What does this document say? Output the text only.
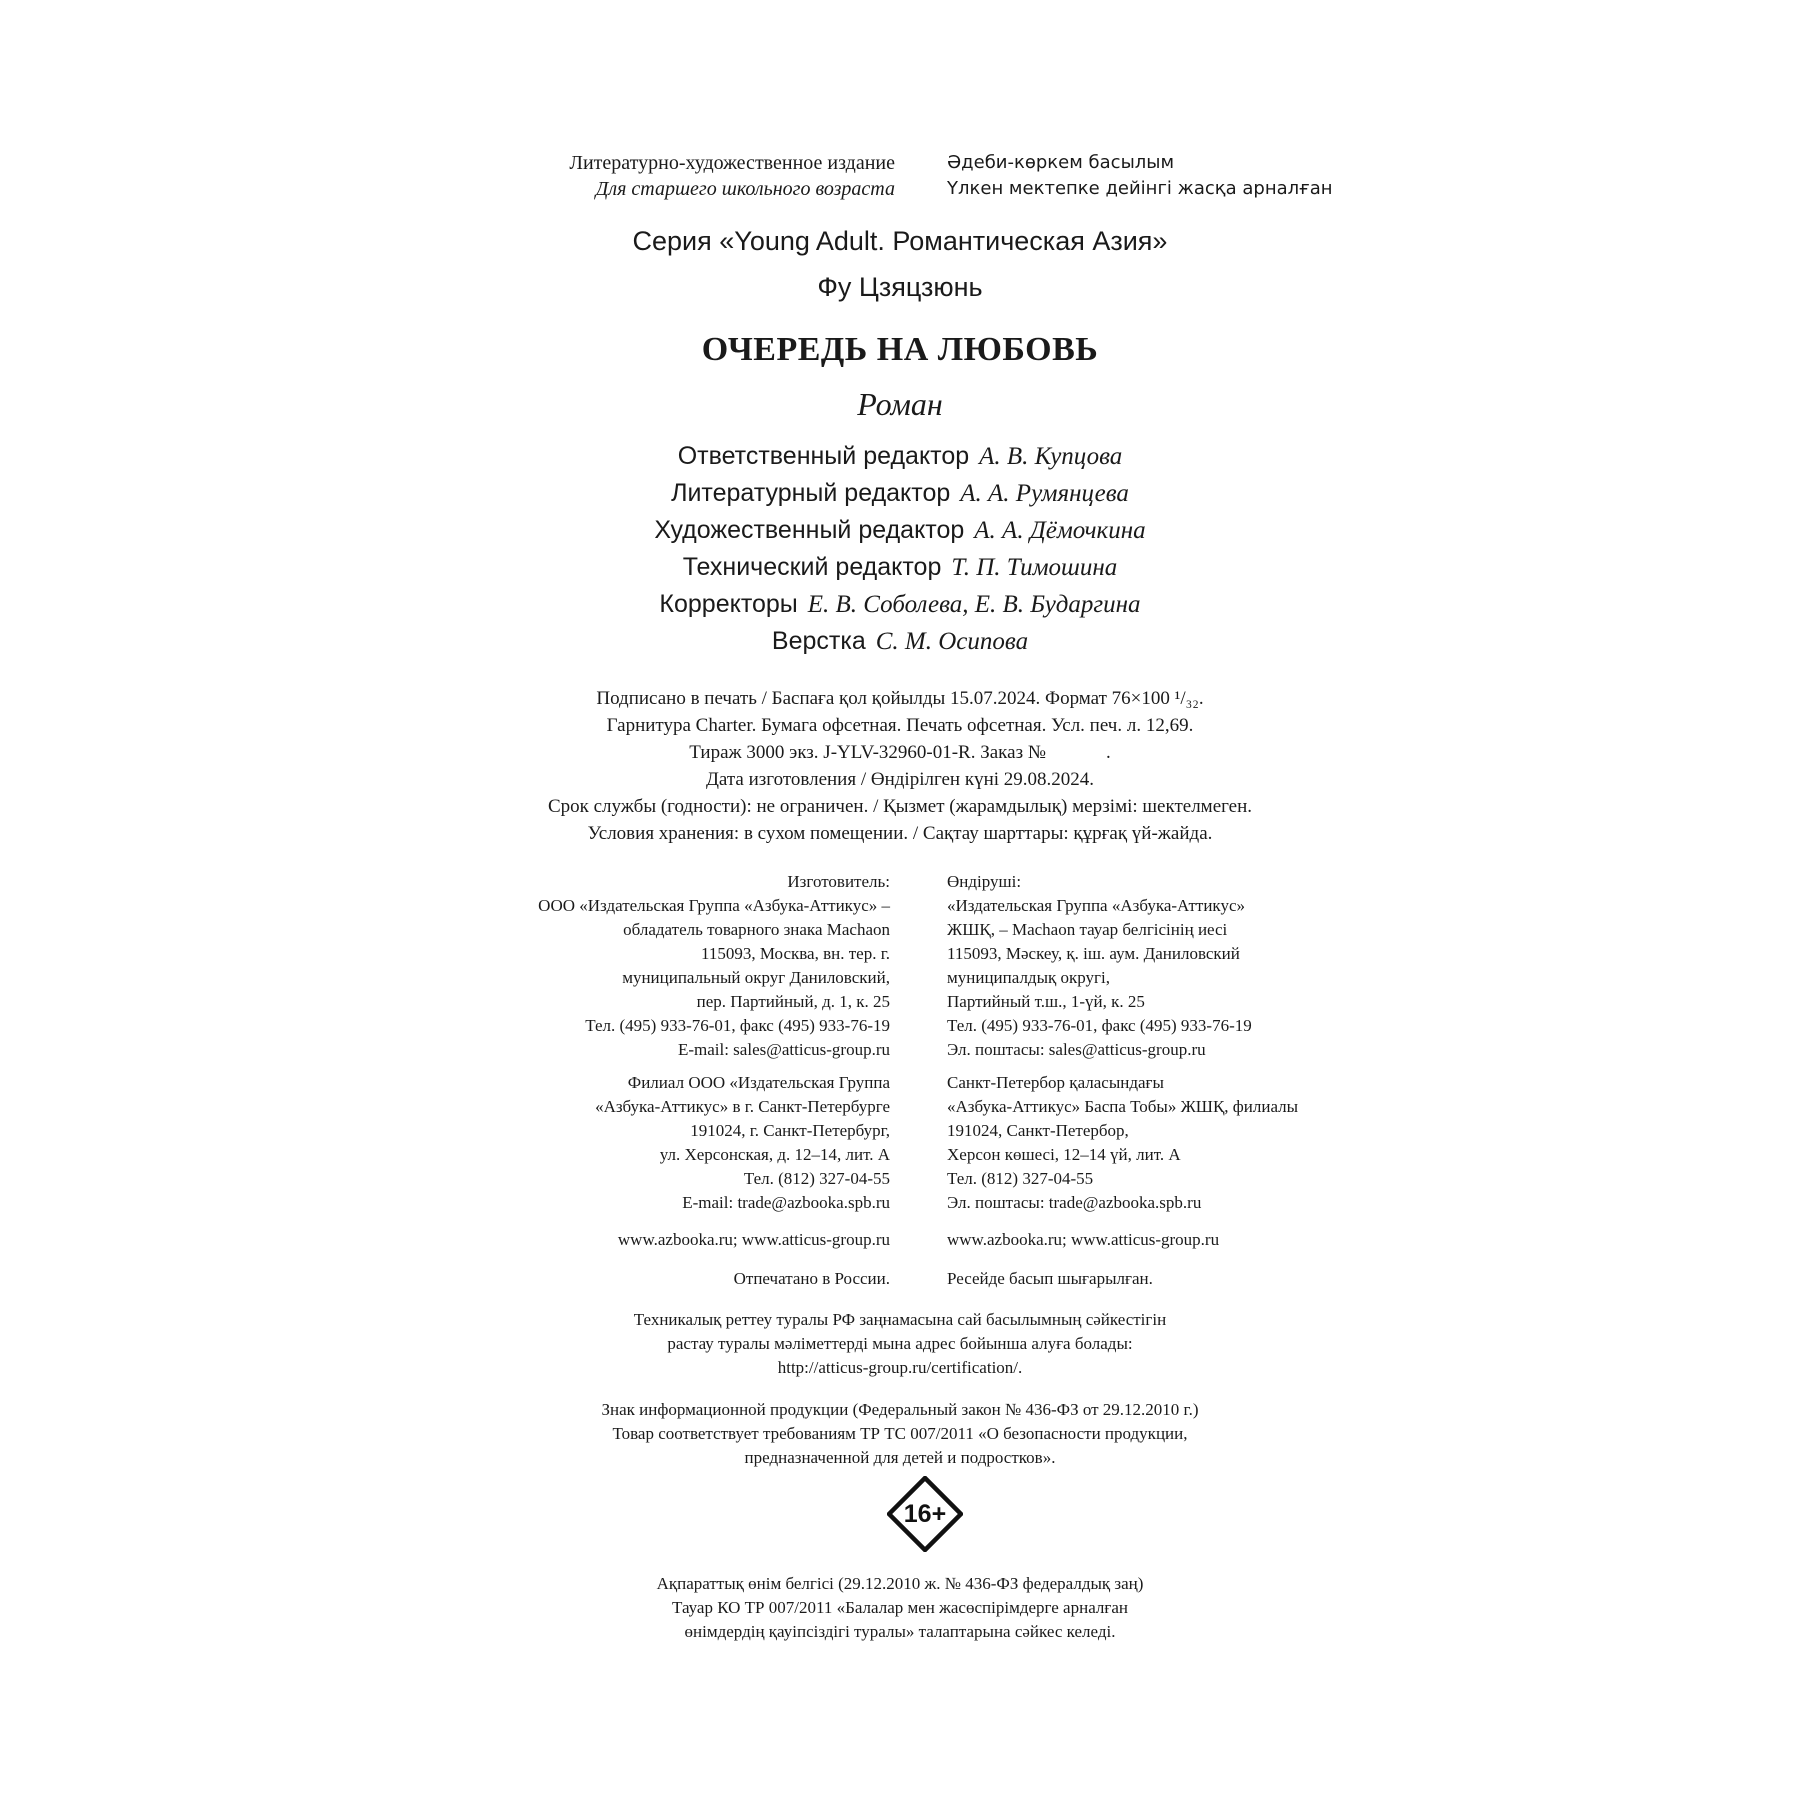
Литературно-художественное издание
Для старшего школьного возраста
Әдеби-көркем басылым
Үлкен мектепке дейінгі жасқа арналған
Серия «Young Adult. Романтическая Азия»
Фу Цзяцзюнь
ОЧЕРЕДЬ НА ЛЮБОВЬ
Роман
Ответственный редактор А. В. Купцова
Литературный редактор А. А. Румянцева
Художественный редактор А. А. Дёмочкина
Технический редактор Т. П. Тимошина
Корректоры Е. В. Соболева, Е. В. Бударгина
Верстка С. М. Осипова
Подписано в печать / Баспаға қол қойылды 15.07.2024. Формат 76×100 ¹/₃₂.
Гарнитура Charter. Бумага офсетная. Печать офсетная. Усл. печ. л. 12,69.
Тираж 3000 экз. J-YLV-32960-01-R. Заказ №	.
Дата изготовления / Өндірілген күні 29.08.2024.
Срок службы (годности): не ограничен. / Қызмет (жарамдылық) мерзімі: шектелмеген.
Условия хранения: в сухом помещении. / Сақтау шарттары: құрғақ үй-жайда.
Изготовитель:
ООО «Издательская Группа «Азбука-Аттикус» –
обладатель товарного знака Machaon
115093, Москва, вн. тер. г.
муниципальный округ Даниловский,
пер. Партийный, д. 1, к. 25
Тел. (495) 933-76-01, факс (495) 933-76-19
E-mail: sales@atticus-group.ru
Өндіруші:
«Издательская Группа «Азбука-Аттикус»
ЖШҚ, – Machaon тауар белгісінің иесі
115093, Мәскеу, қ. іш. аум. Даниловский
муниципалдық округі,
Партийный т.ш., 1-үй, к. 25
Тел. (495) 933-76-01, факс (495) 933-76-19
Эл. поштасы: sales@atticus-group.ru
Филиал ООО «Издательская Группа
«Азбука-Аттикус» в г. Санкт-Петербурге
191024, г. Санкт-Петербург,
ул. Херсонская, д. 12–14, лит. А
Тел. (812) 327-04-55
E-mail: trade@azbooka.spb.ru
Санкт-Петербор қаласындағы
«Азбука-Аттикус» Баспа Тобы» ЖШҚ, филиалы
191024, Санкт-Петербор,
Херсон көшесі, 12–14 үй, лит. А
Тел. (812) 327-04-55
Эл. поштасы: trade@azbooka.spb.ru
www.azbooka.ru; www.atticus-group.ru	www.azbooka.ru; www.atticus-group.ru
Отпечатано в России.	Ресейде басып шығарылған.
Техникалық реттеу туралы РФ заңнамасына сай басылымның сәйкестігін
растау туралы мәліметтерді мына адрес бойынша алуға болады:
http://atticus-group.ru/certification/.
Знак информационной продукции (Федеральный закон № 436-ФЗ от 29.12.2010 г.)
Товар соответствует требованиям ТР ТС 007/2011 «О безопасности продукции,
предназначенной для детей и подростков».
16+
Ақпараттық өнім белгісі (29.12.2010 ж. № 436-ФЗ федералдық заң)
Тауар КО ТР 007/2011 «Балалар мен жасөспірімдерге арналған
өнімдердің қауіпсіздігі туралы» талаптарына сәйкес келеді.
